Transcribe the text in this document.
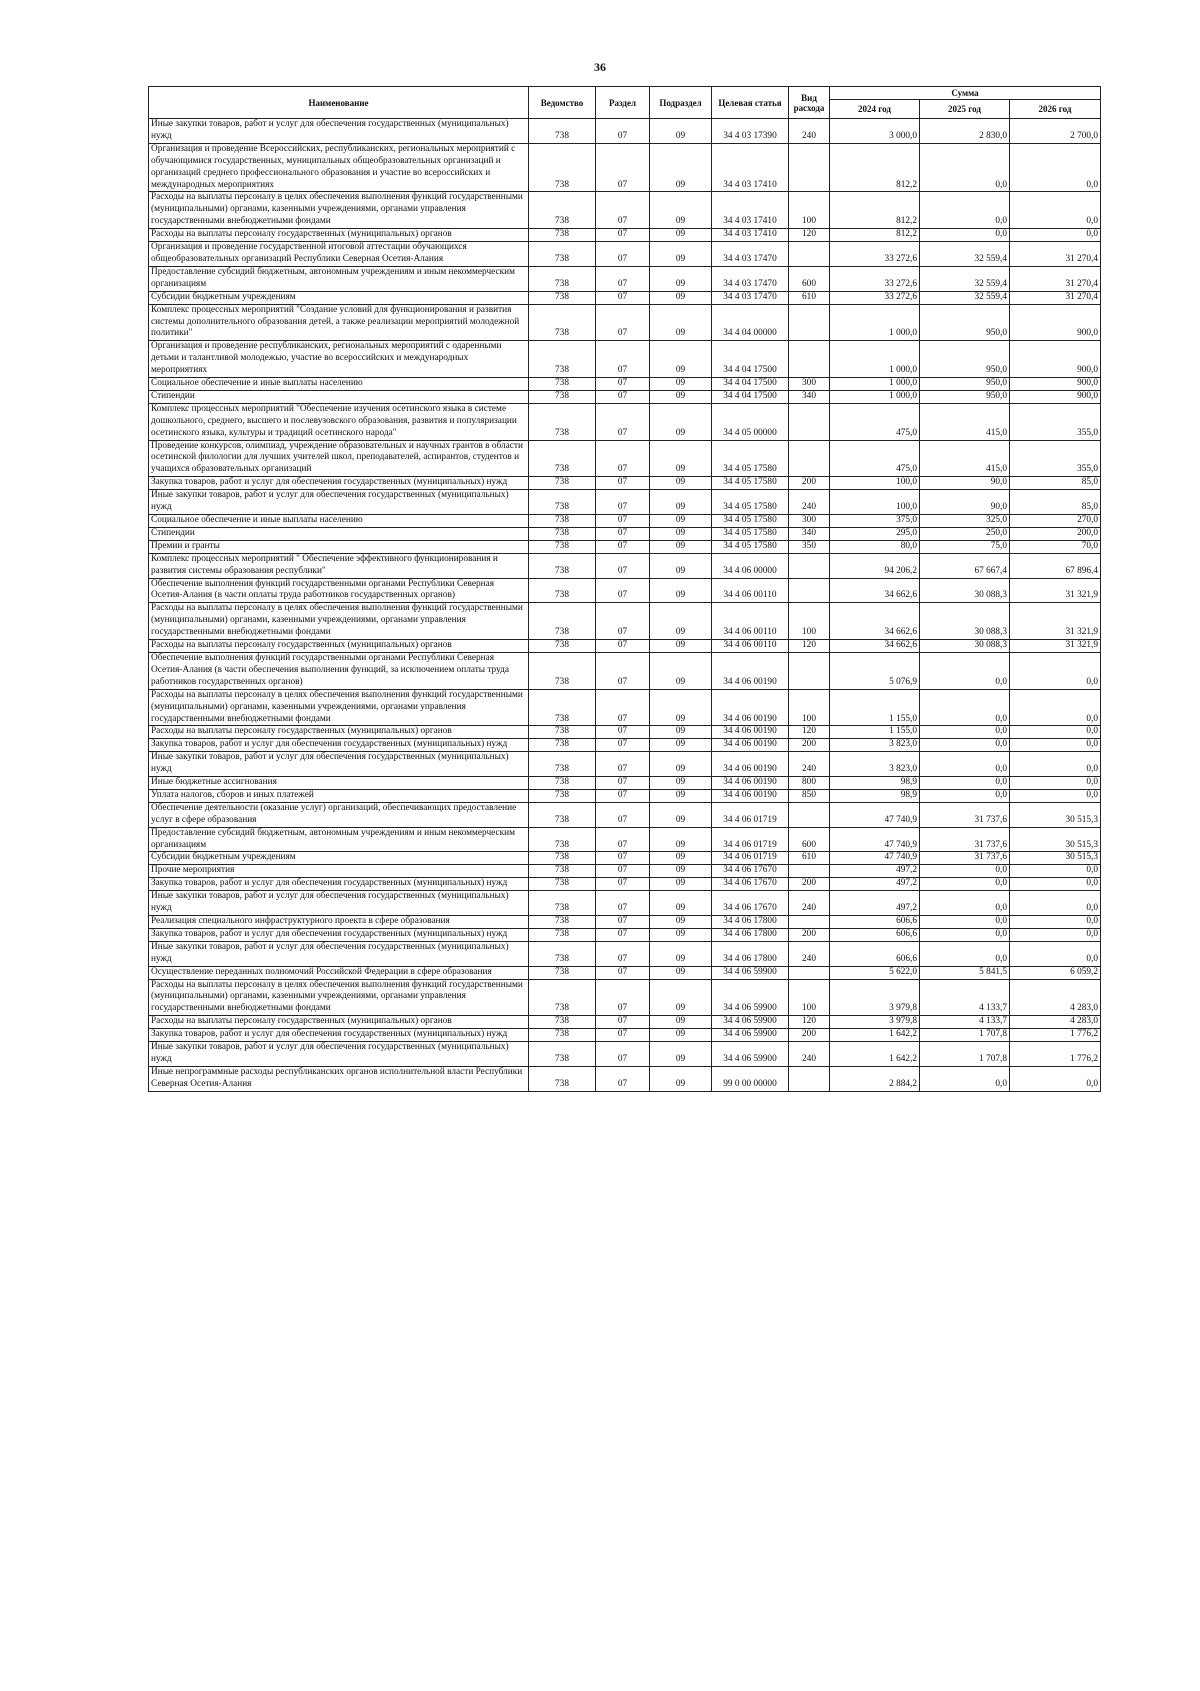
36
Наименование	Ведомство	Раздел	Подраздел	Целевая статья	Вид расхода	Сумма		
						2024 год	2025 год	2026 год
Иные закупки товаров, работ и услуг для обеспечения государственных (муниципальных) нужд	738	07	09	34 4 03 17390	240	3 000,0	2 830,0	2 700,0
Организация и проведение Всероссийских, республиканских, региональных мероприятий с обучающимися государственных, муниципальных общеобразовательных организаций и организаций среднего профессионального образования и участие во всероссийских и международных мероприятиях	738	07	09	34 4 03 17410		812,2	0,0	0,0
Расходы на выплаты персоналу в целях обеспечения выполнения функций государственными (муниципальными) органами, казенными учреждениями, органами управления государственными внебюджетными фондами	738	07	09	34 4 03 17410	100	812,2	0,0	0,0
Расходы на выплаты персоналу государственных (муниципальных) органов	738	07	09	34 4 03 17410	120	812,2	0,0	0,0
Организация и проведение государственной итоговой аттестации обучающихся общеобразовательных организаций Республики Северная Осетия-Алания	738	07	09	34 4 03 17470		33 272,6	32 559,4	31 270,4
Предоставление субсидий бюджетным, автономным учреждениям и иным некоммерческим организациям	738	07	09	34 4 03 17470	600	33 272,6	32 559,4	31 270,4
Субсидии бюджетным учреждениям	738	07	09	34 4 03 17470	610	33 272,6	32 559,4	31 270,4
Комплекс процессных мероприятий "Создание условий для функционирования и развития системы дополнительного образования детей, а также реализации мероприятий молодежной политики"	738	07	09	34 4 04 00000		1 000,0	950,0	900,0
Организация и проведение республиканских, региональных мероприятий с одаренными детьми и талантливой молодежью, участие во всероссийских и международных мероприятиях	738	07	09	34 4 04 17500		1 000,0	950,0	900,0
Социальное обеспечение и иные выплаты населению	738	07	09	34 4 04 17500	300	1 000,0	950,0	900,0
Стипендии	738	07	09	34 4 04 17500	340	1 000,0	950,0	900,0
Комплекс процессных мероприятий "Обеспечение изучения осетинского языка в системе дошкольного, среднего, высшего и послевузовского образования, развития и популяризации осетинского языка, культуры и традиций осетинского народа"	738	07	09	34 4 05 00000		475,0	415,0	355,0
Проведение конкурсов, олимпиад, учреждение образовательных и научных грантов в области осетинской филологии для лучших учителей школ, преподавателей, аспирантов, студентов и учащихся образовательных организаций	738	07	09	34 4 05 17580		475,0	415,0	355,0
Закупка товаров, работ и услуг для обеспечения государственных (муниципальных) нужд	738	07	09	34 4 05 17580	200	100,0	90,0	85,0
Иные закупки товаров, работ и услуг для обеспечения государственных (муниципальных) нужд	738	07	09	34 4 05 17580	240	100,0	90,0	85,0
Социальное обеспечение и иные выплаты населению	738	07	09	34 4 05 17580	300	375,0	325,0	270,0
Стипендии	738	07	09	34 4 05 17580	340	295,0	250,0	200,0
Премии и гранты	738	07	09	34 4 05 17580	350	80,0	75,0	70,0
Комплекс процессных мероприятий " Обеспечение эффективного функционирования и развития системы образования республики"	738	07	09	34 4 06 00000		94 206,2	67 667,4	67 896,4
Обеспечение выполнения функций государственными органами Республики Северная Осетия-Алания (в части оплаты труда работников государственных органов)	738	07	09	34 4 06 00110		34 662,6	30 088,3	31 321,9
Расходы на выплаты персоналу в целях обеспечения выполнения функций государственными (муниципальными) органами, казенными учреждениями, органами управления государственными внебюджетными фондами	738	07	09	34 4 06 00110	100	34 662,6	30 088,3	31 321,9
Расходы на выплаты персоналу государственных (муниципальных) органов	738	07	09	34 4 06 00110	120	34 662,6	30 088,3	31 321,9
Обеспечение выполнения функций государственными органами Республики Северная Осетия-Алания (в части обеспечения выполнения функций, за исключением оплаты труда работников государственных органов)	738	07	09	34 4 06 00190		5 076,9	0,0	0,0
Расходы на выплаты персоналу в целях обеспечения выполнения функций государственными (муниципальными) органами, казенными учреждениями, органами управления государственными внебюджетными фондами	738	07	09	34 4 06 00190	100	1 155,0	0,0	0,0
Расходы на выплаты персоналу государственных (муниципальных) органов	738	07	09	34 4 06 00190	120	1 155,0	0,0	0,0
Закупка товаров, работ и услуг для обеспечения государственных (муниципальных) нужд	738	07	09	34 4 06 00190	200	3 823,0	0,0	0,0
Иные закупки товаров, работ и услуг для обеспечения государственных (муниципальных) нужд	738	07	09	34 4 06 00190	240	3 823,0	0,0	0,0
Иные бюджетные ассигнования	738	07	09	34 4 06 00190	800	98,9	0,0	0,0
Уплата налогов, сборов и иных платежей	738	07	09	34 4 06 00190	850	98,9	0,0	0,0
Обеспечение деятельности (оказание услуг) организаций, обеспечивающих предоставление услуг в сфере образования	738	07	09	34 4 06 01719		47 740,9	31 737,6	30 515,3
Предоставление субсидий бюджетным, автономным учреждениям и иным некоммерческим организациям	738	07	09	34 4 06 01719	600	47 740,9	31 737,6	30 515,3
Субсидии бюджетным учреждениям	738	07	09	34 4 06 01719	610	47 740,9	31 737,6	30 515,3
Прочие мероприятия	738	07	09	34 4 06 17670		497,2	0,0	0,0
Закупка товаров, работ и услуг для обеспечения государственных (муниципальных) нужд	738	07	09	34 4 06 17670	200	497,2	0,0	0,0
Иные закупки товаров, работ и услуг для обеспечения государственных (муниципальных) нужд	738	07	09	34 4 06 17670	240	497,2	0,0	0,0
Реализация специального инфраструктурного проекта в сфере образования	738	07	09	34 4 06 17800		606,6	0,0	0,0
Закупка товаров, работ и услуг для обеспечения государственных (муниципальных) нужд	738	07	09	34 4 06 17800	200	606,6	0,0	0,0
Иные закупки товаров, работ и услуг для обеспечения государственных (муниципальных) нужд	738	07	09	34 4 06 17800	240	606,6	0,0	0,0
Осуществление переданных полномочий Российской Федерации в сфере образования	738	07	09	34 4 06 59900		5 622,0	5 841,5	6 059,2
Расходы на выплаты персоналу в целях обеспечения выполнения функций государственными (муниципальными) органами, казенными учреждениями, органами управления государственными внебюджетными фондами	738	07	09	34 4 06 59900	100	3 979,8	4 133,7	4 283,0
Расходы на выплаты персоналу государственных (муниципальных) органов	738	07	09	34 4 06 59900	120	3 979,8	4 133,7	4 283,0
Закупка товаров, работ и услуг для обеспечения государственных (муниципальных) нужд	738	07	09	34 4 06 59900	200	1 642,2	1 707,8	1 776,2
Иные закупки товаров, работ и услуг для обеспечения государственных (муниципальных) нужд	738	07	09	34 4 06 59900	240	1 642,2	1 707,8	1 776,2
Иные непрограммные расходы республиканских органов исполнительной власти Республики Северная Осетия-Алания	738	07	09	99 0 00 00000		2 884,2	0,0	0,0
